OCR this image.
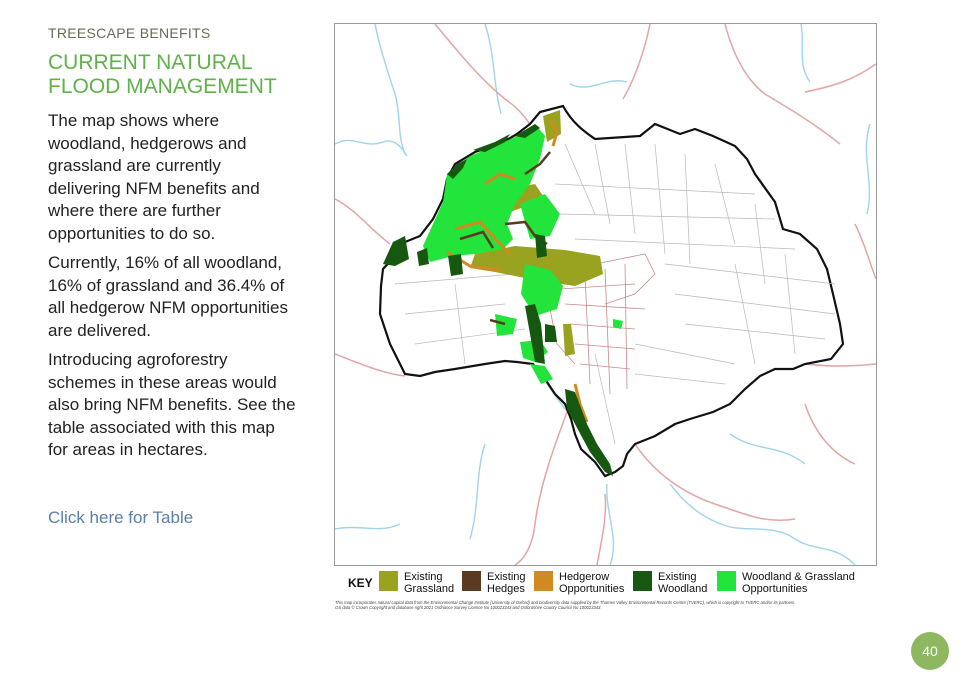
TREESCAPE BENEFITS
CURRENT NATURAL
FLOOD MANAGEMENT

The map shows where woodland, hedgerows and grassland are currently delivering NFM benefits and where there are further opportunities to do so.

Currently, 16% of all woodland, 16% of grassland and 36.4% of all hedgerow NFM opportunities are delivered.

Introducing agroforestry schemes in these areas would also bring NFM benefits. See the table associated with this map for areas in hectares.

Click here for Table
KEY	Existing
Grassland
Existing
Hedges
Hedgerow
Opportunities
Existing
Woodland
Woodland & Grassland
Opportunities
This map incorporates natural capital data from the Environmental Change Institute (University of Oxford) and biodiversity data supplied by the Thames Valley Environmental Records Centre (TVERC), which is copyright to TVERC and/or its partners.
OS data © Crown Copyright and database right 2021 Ordnance Survey Licence No 100023343 and Oxfordshire County Council No 100023343
40
